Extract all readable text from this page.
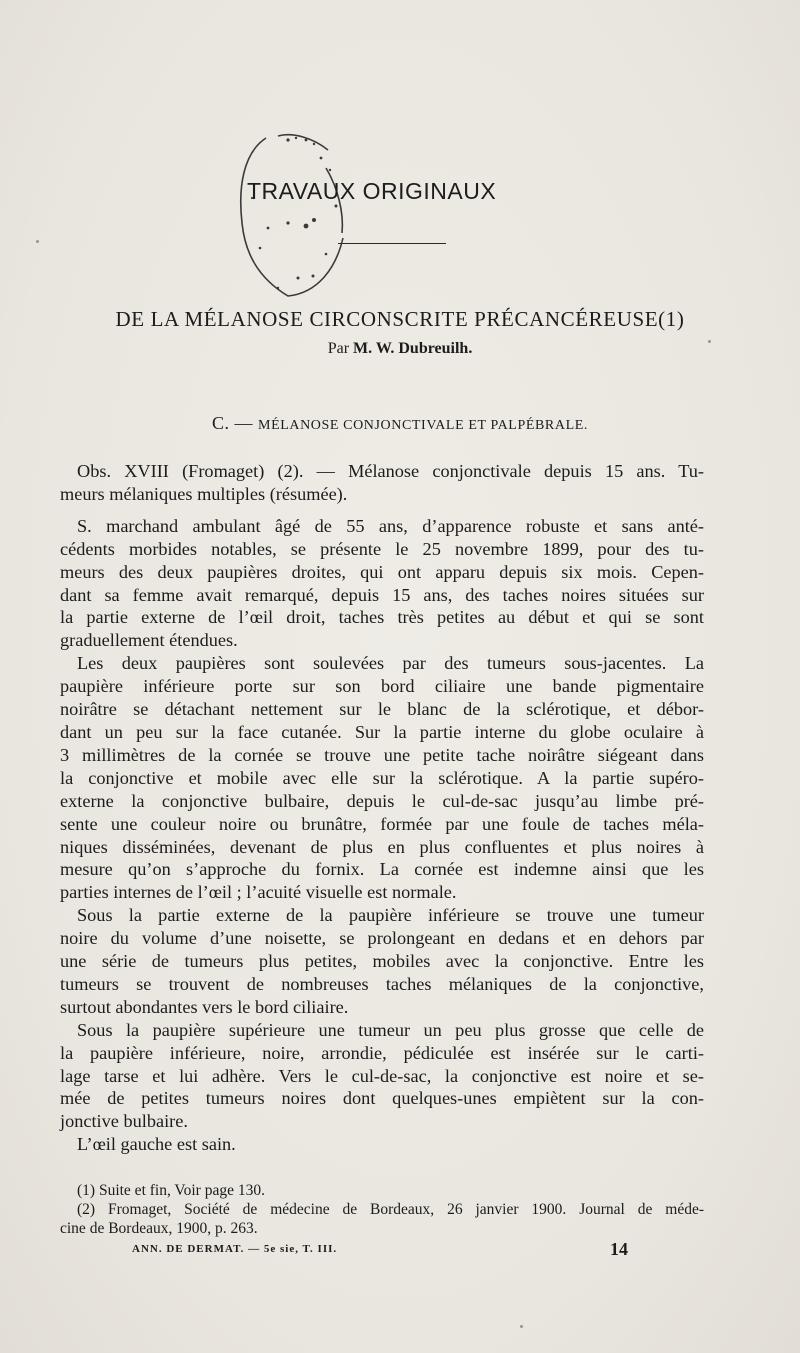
TRAVAUX ORIGINAUX
DE LA MÉLANOSE CIRCONSCRITE PRÉCANCÉREUSE(1)
Par M. W. Dubreuilh.
C. — MÉLANOSE CONJONCTIVALE ET PALPÉBRALE.
Obs. XVIII (Fromaget) (2). — Mélanose conjonctivale depuis 15 ans. Tu-
meurs mélaniques multiples (résumée).
S. marchand ambulant âgé de 55 ans, d’apparence robuste et sans anté-
cédents morbides notables, se présente le 25 novembre 1899, pour des tu-
meurs des deux paupières droites, qui ont apparu depuis six mois. Cepen-
dant sa femme avait remarqué, depuis 15 ans, des taches noires situées sur
la partie externe de l’œil droit, taches très petites au début et qui se sont
graduellement étendues.
Les deux paupières sont soulevées par des tumeurs sous-jacentes. La
paupière inférieure porte sur son bord ciliaire une bande pigmentaire
noirâtre se détachant nettement sur le blanc de la sclérotique, et débor-
dant un peu sur la face cutanée. Sur la partie interne du globe oculaire à
3 millimètres de la cornée se trouve une petite tache noirâtre siégeant dans
la conjonctive et mobile avec elle sur la sclérotique. A la partie supéro-
externe la conjonctive bulbaire, depuis le cul-de-sac jusqu’au limbe pré-
sente une couleur noire ou brunâtre, formée par une foule de taches méla-
niques disséminées, devenant de plus en plus confluentes et plus noires à
mesure qu’on s’approche du fornix. La cornée est indemne ainsi que les
parties internes de l’œil ; l’acuité visuelle est normale.
Sous la partie externe de la paupière inférieure se trouve une tumeur
noire du volume d’une noisette, se prolongeant en dedans et en dehors par
une série de tumeurs plus petites, mobiles avec la conjonctive. Entre les
tumeurs se trouvent de nombreuses taches mélaniques de la conjonctive,
surtout abondantes vers le bord ciliaire.
Sous la paupière supérieure une tumeur un peu plus grosse que celle de
la paupière inférieure, noire, arrondie, pédiculée est insérée sur le carti-
lage tarse et lui adhère. Vers le cul-de-sac, la conjonctive est noire et se-
mée de petites tumeurs noires dont quelques-unes empiètent sur la con-
jonctive bulbaire.
L’œil gauche est sain.
(1) Suite et fin, Voir page 130.
(2) Fromaget, Société de médecine de Bordeaux, 26 janvier 1900. Journal de méde-
cine de Bordeaux, 1900, p. 263.
ANN. DE DERMAT. — 5e sie, T. III.	14
